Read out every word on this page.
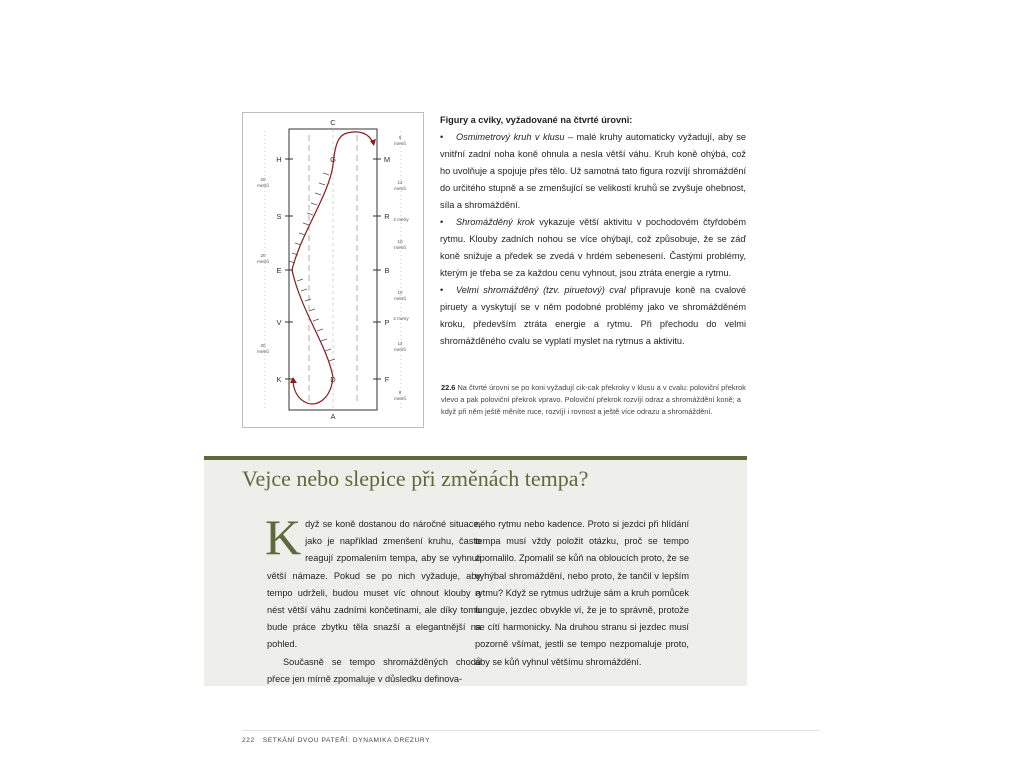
C
A
H
S
E
V
K
M
R
B
P
F
G
D
20
metrů
20
metrů
20
metrů
6
metrů
12
metrů
2 metry
10
metrů
10
metrů
2 metry
12
metrů
6
metrů
Figury a cviky, vyžadované na čtvrté úrovni:

• Osmimetrový kruh v klusu – malé kruhy automaticky vyžadují, aby se vnitřní zadní noha koně ohnula a nesla větší váhu. Kruh koně ohýbá, což ho uvolňuje a spojuje přes tělo. Už samotná tato figura rozvíjí shromáždění do určitého stupně a se zmenšující se velikostí kruhů se zvyšuje ohebnost, síla a shromáždění.

• Shromážděný krok vykazuje větší aktivitu v pochodovém čtyřdobém rytmu. Klouby zadních nohou se více ohýbají, což způsobuje, že se záď koně snižuje a předek se zvedá v hrdém sebenesení. Častými problémy, kterým je třeba se za každou cenu vyhnout, jsou ztráta energie a rytmu.

• Velmi shromážděný (tzv. piruetový) cval připravuje koně na cvalové piruety a vyskytují se v něm podobné problémy jako ve shromážděném kroku, především ztráta energie a rytmu. Při přechodu do velmi shromážděného cvalu se vyplatí myslet na rytmus a aktivitu.

22.6 Na čtvrté úrovni se po koni vyžadují cik-cak překroky v klusu a v cvalu: poloviční překrok vlevo a pak poloviční překrok vpravo. Poloviční překrok rozvíjí odraz a shromáždění koně; a když při něm ještě měníte ruce, rozvíjí i rovnost a ještě více odrazu a shromáždění.
Vejce nebo slepice při změnách tempa?

Když se koně dostanou do náročné situace, jako je například zmenšení kruhu, často reagují zpomalením tempa, aby se vyhnuli větší námaze. Pokud se po nich vyžaduje, aby tempo udrželi, budou muset víc ohnout klouby a nést větší váhu zadními končetinami, ale díky tomu bude práce zbytku těla snazší a elegantnější na pohled.

Současně se tempo shromážděných chodů přece jen mírně zpomaluje v důsledku definova-

ného rytmu nebo kadence. Proto si jezdci při hlídání tempa musí vždy položit otázku, proč se tempo zpomalilo. Zpomalil se kůň na obloucích proto, že se vyhýbal shromáždění, nebo proto, že tančil v lepším rytmu? Když se rytmus udržuje sám a kruh pomůcek funguje, jezdec obvykle ví, že je to správně, protože se cítí harmonicky. Na druhou stranu si jezdec musí pozorně všímat, jestli se tempo nezpomaluje proto, aby se kůň vyhnul většímu shromáždění.

222 SETKÁNÍ DVOU PATEŘÍ: DYNAMIKA DREZURY
